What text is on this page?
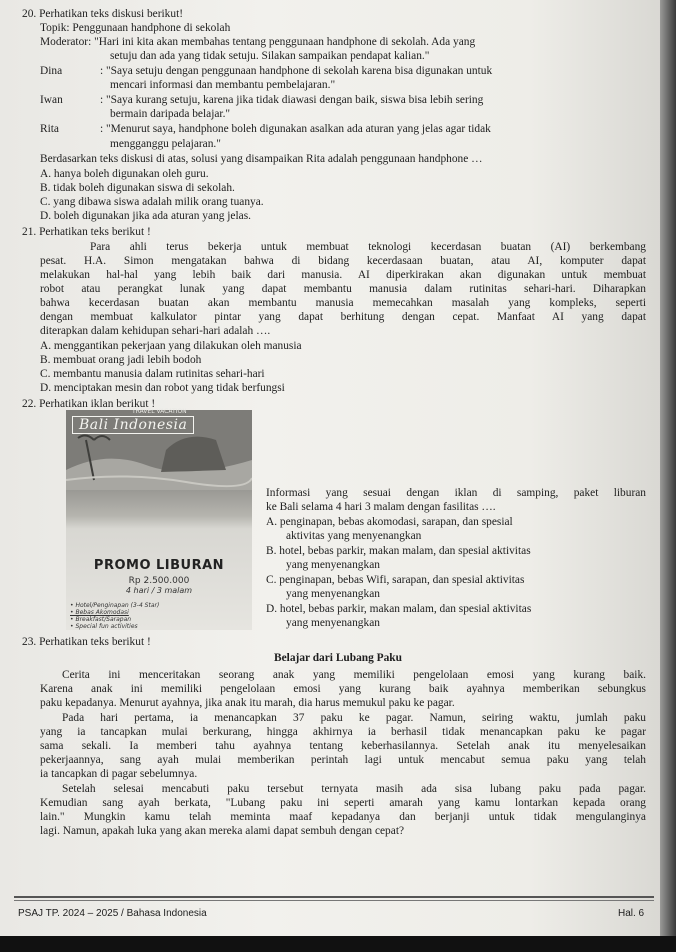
20. Perhatikan teks diskusi berikut!
Topik: Penggunaan handphone di sekolah
Moderator: "Hari ini kita akan membahas tentang penggunaan handphone di sekolah. Ada yang
setuju dan ada yang tidak setuju. Silakan sampaikan pendapat kalian."
Dina	: "Saya setuju dengan penggunaan handphone di sekolah karena bisa digunakan untuk
mencari informasi dan membantu pembelajaran."
Iwan	: "Saya kurang setuju, karena jika tidak diawasi dengan baik, siswa bisa lebih sering
bermain daripada belajar."
Rita	: "Menurut saya, handphone boleh digunakan asalkan ada aturan yang jelas agar tidak
mengganggu pelajaran."
Berdasarkan teks diskusi di atas, solusi yang disampaikan Rita adalah penggunaan handphone …
A. hanya boleh digunakan oleh guru.
B. tidak boleh digunakan siswa di sekolah.
C. yang dibawa siswa adalah milik orang tuanya.
D. boleh digunakan jika ada aturan yang jelas.
21. Perhatikan teks berikut !
Para ahli terus bekerja untuk membuat teknologi kecerdasan buatan (AI) berkembang
pesat. H.A. Simon mengatakan bahwa di bidang kecerdasaan buatan, atau AI, komputer dapat
melakukan hal-hal yang lebih baik dari manusia. AI diperkirakan akan digunakan untuk membuat
robot atau perangkat lunak yang dapat membantu manusia dalam rutinitas sehari-hari. Diharapkan
bahwa kecerdasan buatan akan membantu manusia memecahkan masalah yang kompleks, seperti
dengan membuat kalkulator pintar yang dapat berhitung dengan cepat. Manfaat AI yang dapat
diterapkan dalam kehidupan sehari-hari adalah ….
A. menggantikan pekerjaan yang dilakukan oleh manusia
B. membuat orang jadi lebih bodoh
C. membantu manusia dalam rutinitas sehari-hari
D. menciptakan mesin dan robot yang tidak berfungsi
22. Perhatikan iklan berikut !
TRAVEL VACATION
Bali Indonesia
PROMO LIBURAN
Rp 2.500.000
4 hari / 3 malam
• Hotel/Penginapan (3-4 Star)
• Bebas Akomodasi
• Breakfast/Sarapan
• Special fun activities
Informasi yang sesuai dengan iklan di samping, paket liburan
ke Bali selama 4 hari 3 malam dengan fasilitas ….
A. penginapan, bebas akomodasi, sarapan, dan spesial
aktivitas yang menyenangkan
B. hotel, bebas parkir, makan malam, dan spesial aktivitas
yang menyenangkan
C. penginapan, bebas Wifi, sarapan, dan spesial aktivitas
yang menyenangkan
D. hotel, bebas parkir, makan malam, dan spesial aktivitas
yang menyenangkan
23. Perhatikan teks berikut !
Belajar dari Lubang Paku
Cerita ini menceritakan seorang anak yang memiliki pengelolaan emosi yang kurang baik.
Karena anak ini memiliki pengelolaan emosi yang kurang baik ayahnya memberikan sebungkus
paku kepadanya. Menurut ayahnya, jika anak itu marah, dia harus memukul paku ke pagar.
Pada hari pertama, ia menancapkan 37 paku ke pagar. Namun, seiring waktu, jumlah paku
yang ia tancapkan mulai berkurang, hingga akhirnya ia berhasil tidak menancapkan paku ke pagar
sama sekali. Ia memberi tahu ayahnya tentang keberhasilannya. Setelah anak itu menyelesaikan
pekerjaannya, sang ayah mulai memberikan perintah lagi untuk mencabut semua paku yang telah
ia tancapkan di pagar sebelumnya.
Setelah selesai mencabuti paku tersebut ternyata masih ada sisa lubang paku pada pagar.
Kemudian sang ayah berkata, "Lubang paku ini seperti amarah yang kamu lontarkan kepada orang
lain." Mungkin kamu telah meminta maaf kepadanya dan berjanji untuk tidak mengulanginya
lagi. Namun, apakah luka yang akan mereka alami dapat sembuh dengan cepat?
PSAJ TP. 2024 – 2025 / Bahasa Indonesia	Hal. 6
